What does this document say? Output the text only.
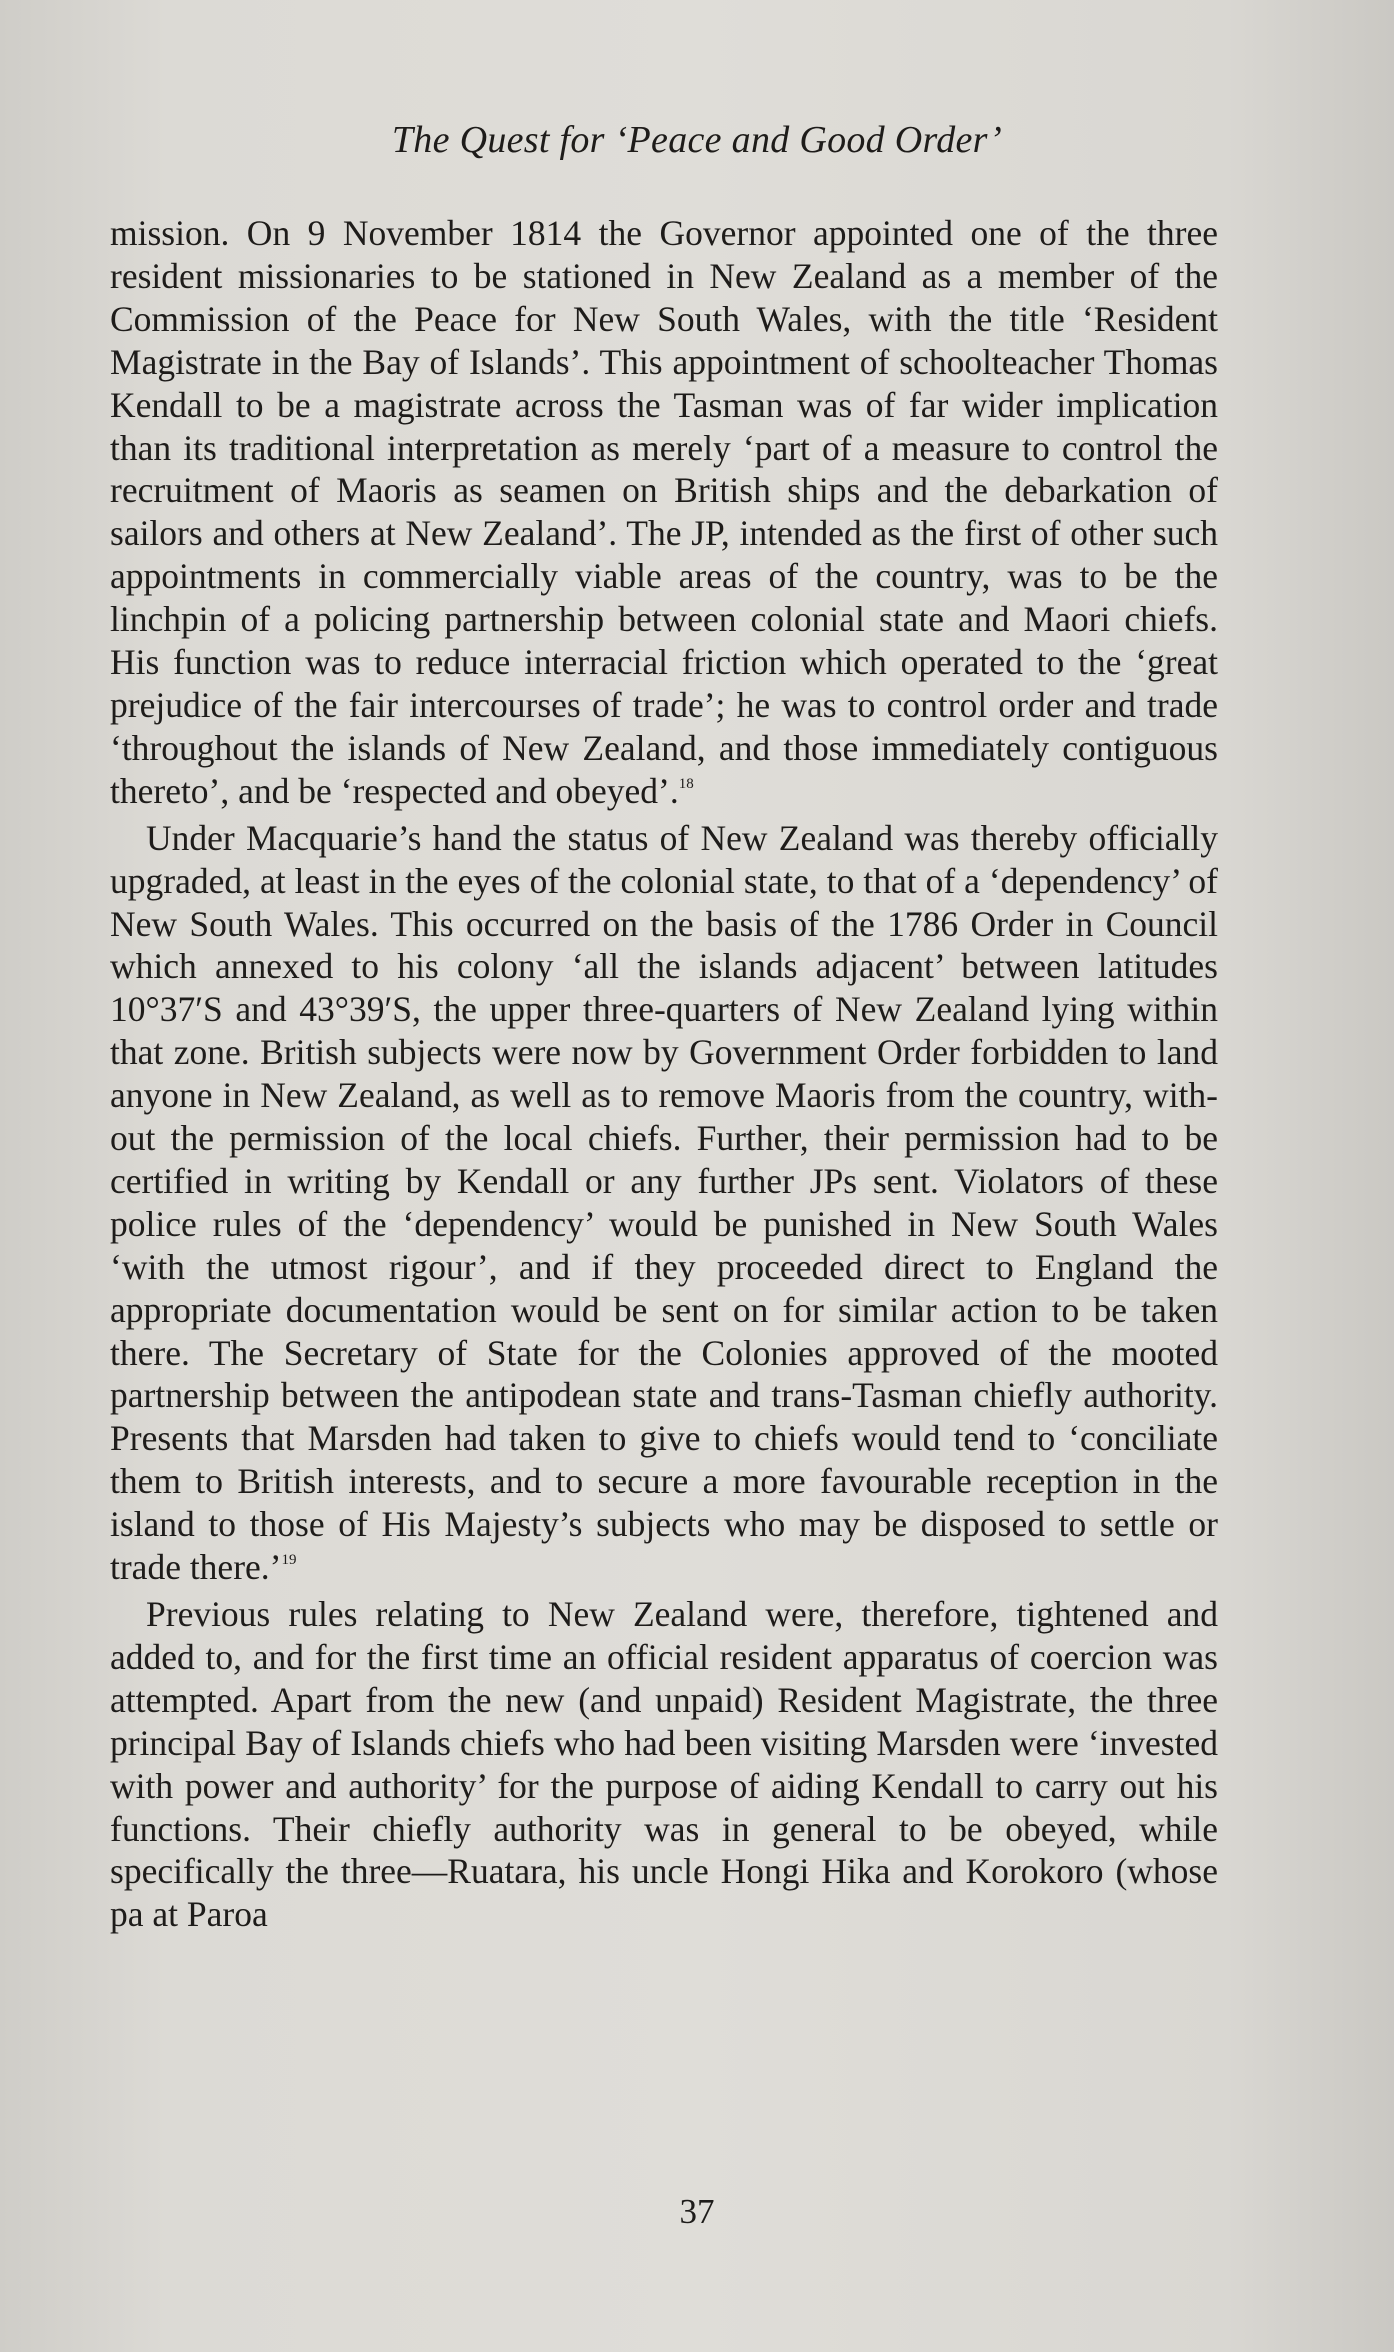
The Quest for ‘Peace and Good Order’

mission. On 9 November 1814 the Governor appointed one of the three resident missionaries to be stationed in New Zealand as a member of the Commission of the Peace for New South Wales, with the title ‘Resident Magistrate in the Bay of Islands’. This appointment of schoolteacher Thomas Kendall to be a magistrate across the Tasman was of far wider implication than its traditional interpretation as merely ‘part of a measure to control the recruitment of Maoris as seamen on British ships and the debarkation of sailors and others at New Zealand’. The JP, intended as the first of other such appointments in commercially viable areas of the country, was to be the linchpin of a policing partnership between colonial state and Maori chiefs. His function was to reduce interracial friction which operated to the ‘great prejudice of the fair intercourses of trade’; he was to control order and trade ‘throughout the islands of New Zealand, and those immediately contiguous thereto’, and be ‘respected and obeyed’.$^{18}$

Under Macquarie’s hand the status of New Zealand was thereby officially upgraded, at least in the eyes of the colonial state, to that of a ‘dependency’ of New South Wales. This occurred on the basis of the 1786 Order in Council which annexed to his colony ‘all the islands adjacent’ between latitudes 10°37′S and 43°39′S, the upper three-quarters of New Zealand lying within that zone. British subjects were now by Government Order forbidden to land anyone in New Zealand, as well as to remove Maoris from the country, without the permission of the local chiefs. Further, their permission had to be certified in writing by Kendall or any further JPs sent. Violators of these police rules of the ‘dependency’ would be punished in New South Wales ‘with the utmost rigour’, and if they proceeded direct to England the appropriate documentation would be sent on for similar action to be taken there. The Secretary of State for the Colonies approved of the mooted partnership between the antipodean state and trans-Tasman chiefly authority. Presents that Marsden had taken to give to chiefs would tend to ‘conciliate them to British interests, and to secure a more favourable reception in the island to those of His Majesty’s subjects who may be disposed to settle or trade there.’$^{19}$

Previous rules relating to New Zealand were, therefore, tightened and added to, and for the first time an official resident apparatus of coercion was attempted. Apart from the new (and unpaid) Resident Magistrate, the three principal Bay of Islands chiefs who had been visiting Marsden were ‘invested with power and authority’ for the purpose of aiding Kendall to carry out his functions. Their chiefly authority was in general to be obeyed, while specifically the three—Ruatara, his uncle Hongi Hika and Korokoro (whose pa at Paroa

37
